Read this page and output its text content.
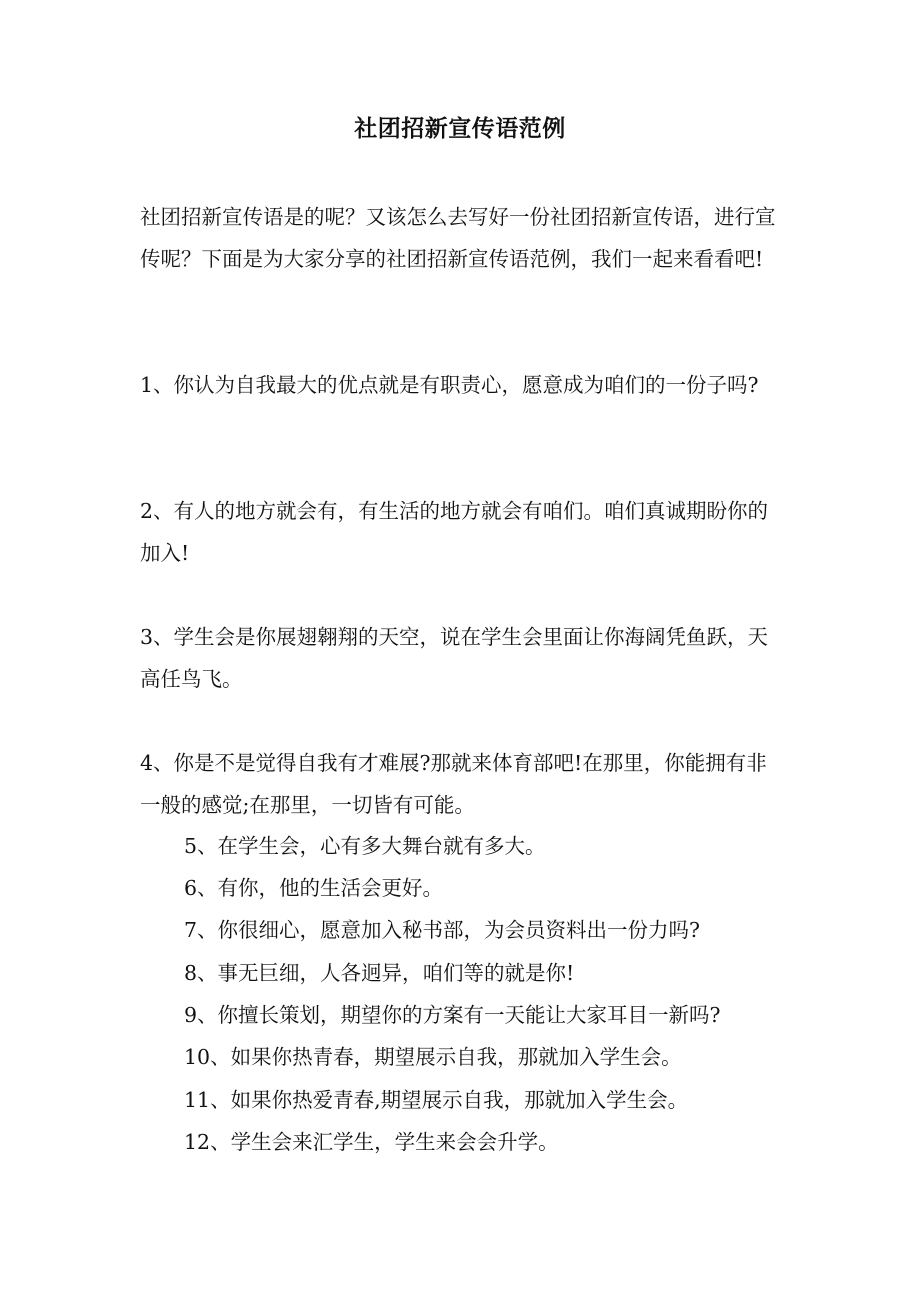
社团招新宣传语范例

社团招新宣传语是的呢？又该怎么去写好一份社团招新宣传语，进行宣传呢？下面是为大家分享的社团招新宣传语范例，我们一起来看看吧!

1、你认为自我最大的优点就是有职责心，愿意成为咱们的一份子吗?

2、有人的地方就会有，有生活的地方就会有咱们。咱们真诚期盼你的加入!

3、学生会是你展翅翱翔的天空，说在学生会里面让你海阔凭鱼跃，天高任鸟飞。

4、你是不是觉得自我有才难展?那就来体育部吧!在那里，你能拥有非一般的感觉;在那里，一切皆有可能。

5、在学生会，心有多大舞台就有多大。
6、有你，他的生活会更好。
7、你很细心，愿意加入秘书部，为会员资料出一份力吗?
8、事无巨细，人各迥异，咱们等的就是你!
9、你擅长策划，期望你的方案有一天能让大家耳目一新吗?
10、如果你热青春，期望展示自我，那就加入学生会。
11、如果你热爱青春,期望展示自我，那就加入学生会。
12、学生会来汇学生，学生来会会升学。
